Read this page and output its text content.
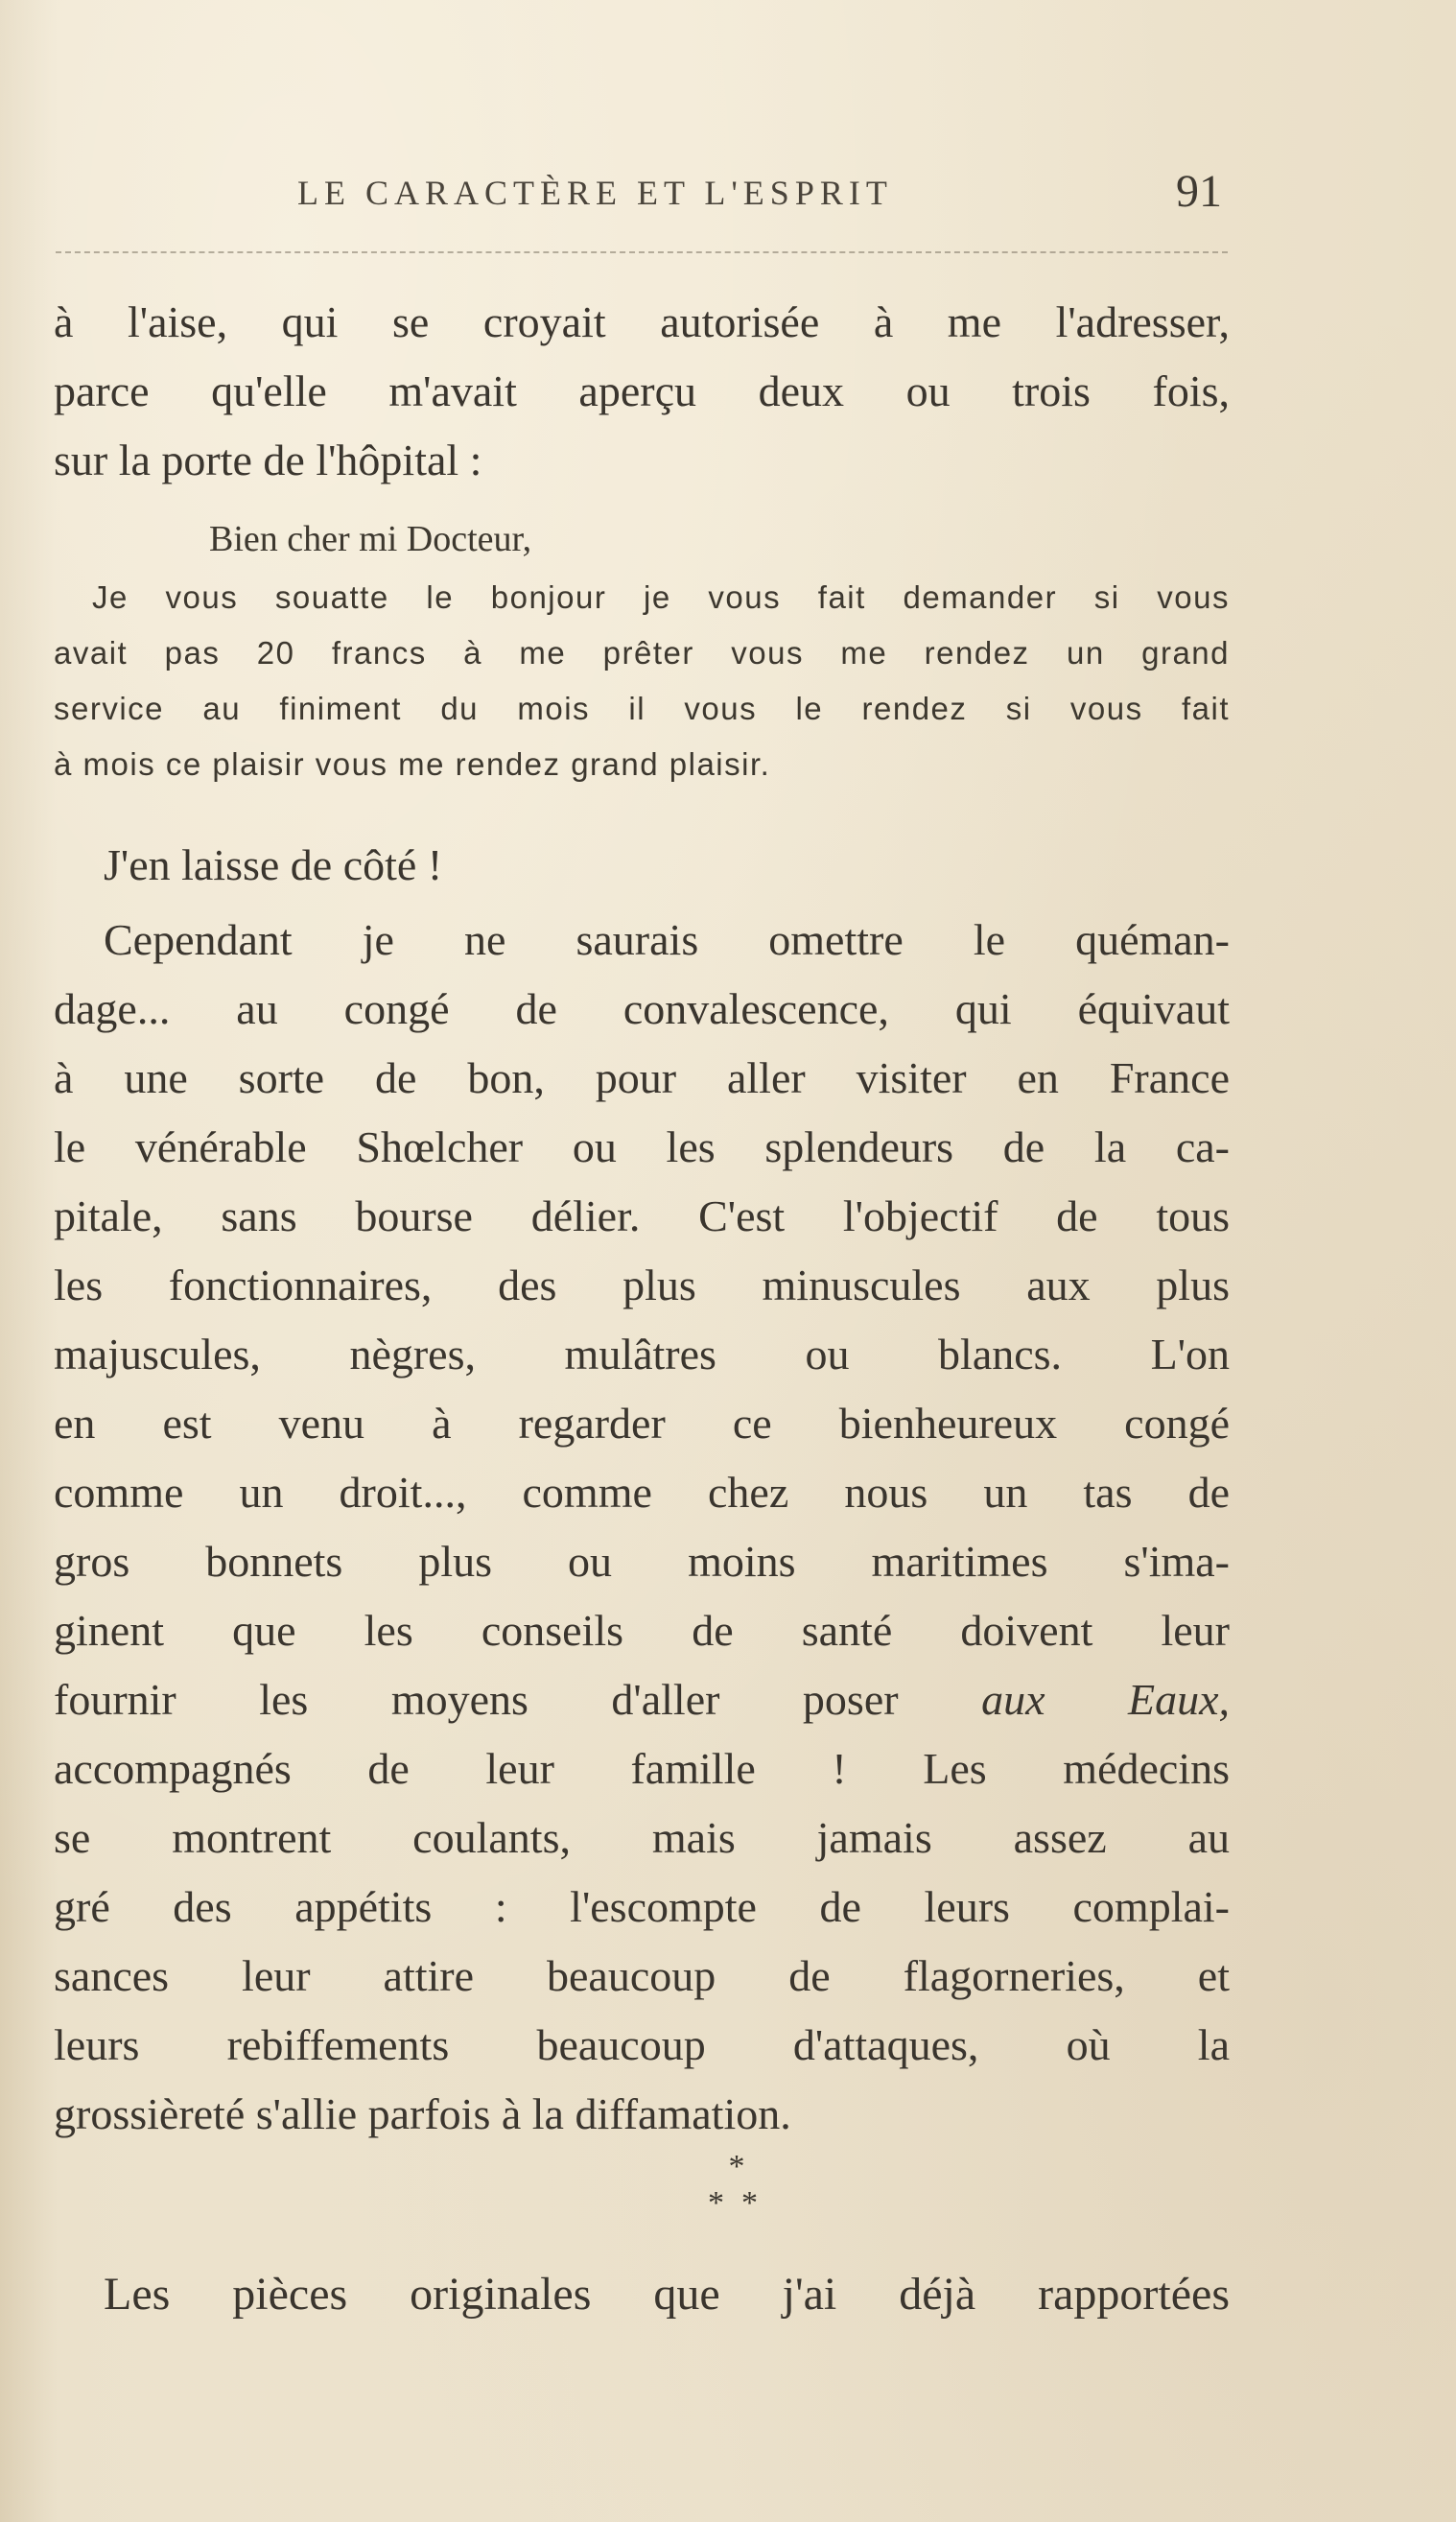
LE CARACTÈRE ET L'ESPRIT	91
à l'aise, qui se croyait autorisée à me l'adresser,
parce qu'elle m'avait aperçu deux ou trois fois,
sur la porte de l'hôpital :
Bien cher mi Docteur,
Je vous souatte le bonjour je vous fait demander si vous
avait pas 20 francs à me prêter vous me rendez un grand
service au finiment du mois il vous le rendez si vous fait
à mois ce plaisir vous me rendez grand plaisir.
J'en laisse de côté !
Cependant je ne saurais omettre le quéman-
dage... au congé de convalescence, qui équivaut
à une sorte de bon, pour aller visiter en France
le vénérable Shœlcher ou les splendeurs de la ca-
pitale, sans bourse délier. C'est l'objectif de tous
les fonctionnaires, des plus minuscules aux plus
majuscules, nègres, mulâtres ou blancs. L'on
en est venu à regarder ce bienheureux congé
comme un droit..., comme chez nous un tas de
gros bonnets plus ou moins maritimes s'ima-
ginent que les conseils de santé doivent leur
fournir les moyens d'aller poser aux Eaux,
accompagnés de leur famille ! Les médecins
se montrent coulants, mais jamais assez au
gré des appétits : l'escompte de leurs complai-
sances leur attire beaucoup de flagorneries, et
leurs rebiffements beaucoup d'attaques, où la
grossièreté s'allie parfois à la diffamation.
*
**
Les pièces originales que j'ai déjà rapportées
